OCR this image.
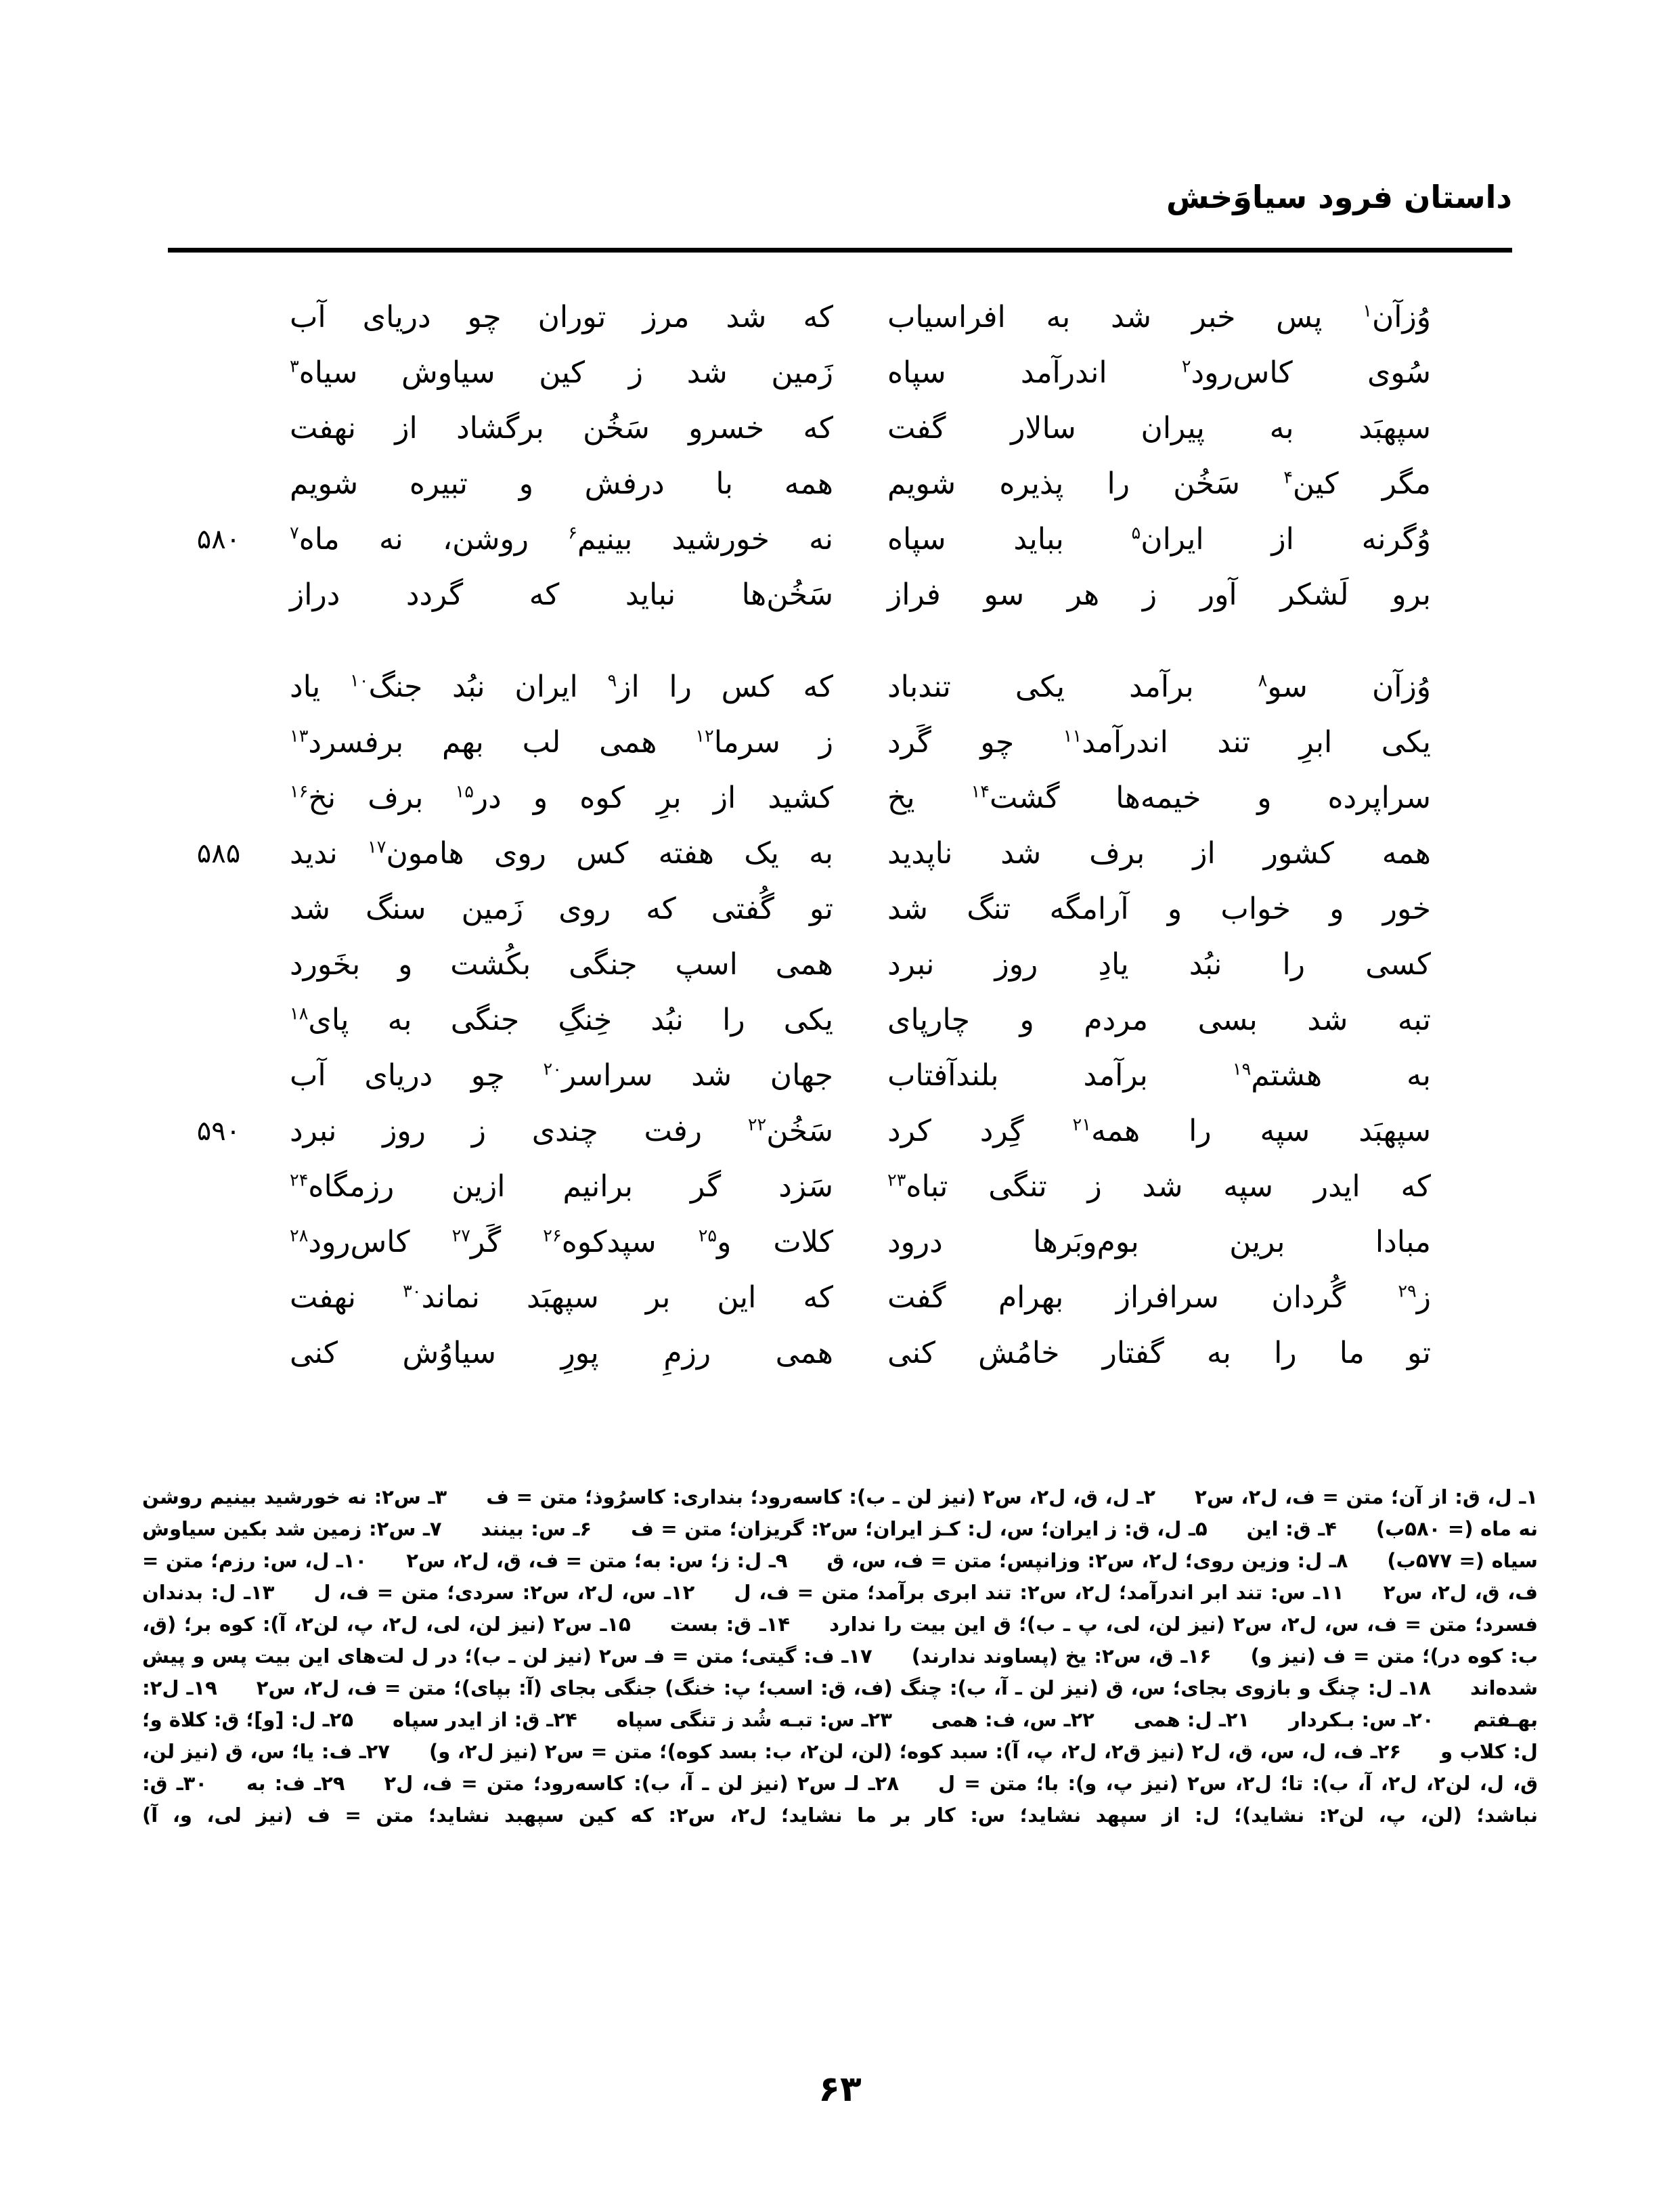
داستان فرود سیاوَخش
وُزآن$^۱$ پس خبر شد به افراسیاب
که شد مرز توران چو دریای آب
سُوی کاس‌رود$^۲$ اندرآمد سپاه
زَمین شد ز کین سیاوش سیاه$^۳$
سپهبَد به پیران سالار گفت
که خسرو سَخُن برگشاد از نهفت
مگر کین$^۴$ سَخُن را پذیره شویم
همه با درفش و تبیره شویم
وُگرنه از ایران$^۵$ بباید سپاه
نه خورشید بینیم$^۶$ روشن، نه ماه$^۷$
۵۸۰
برو لَشکر آور ز هر سو فراز
سَخُن‌ها نباید که گردد دراز
وُزآن سو$^۸$ برآمد یکی تندباد
که کس را از$^۹$ ایران نبُد جنگ$^{۱۰}$ یاد
یکی ابرِ تند اندرآمد$^{۱۱}$ چو گَرد
ز سرما$^{۱۲}$ همی لب بهم برفسرد$^{۱۳}$
سراپرده و خیمه‌ها گشت$^{۱۴}$ یخ
کشید از برِ کوه و در$^{۱۵}$ برف نخ$^{۱۶}$
همه کشور از برف شد ناپدید
به یک هفته کس روی هامون$^{۱۷}$ ندید
۵۸۵
خور و خواب و آرامگه تنگ شد
تو گُفتی که روی زَمین سنگ شد
کسی را نبُد یادِ روز نبرد
همی اسپ جنگی بکُشت و بخَورد
تبه شد بسی مردم و چارپای
یکی را نبُد خِنگِ جنگی به پای$^{۱۸}$
به هشتم$^{۱۹}$ برآمد بلندآفتاب
جهان شد سراسر$^{۲۰}$ چو دریای آب
سپهبَد سپه را همه$^{۲۱}$ گِرد کرد
سَخُن$^{۲۲}$ رفت چندی ز روز نبرد
۵۹۰
که ایدر سپه شد ز تنگی تباه$^{۲۳}$
سَزد گر برانیم ازین رزمگاه$^{۲۴}$
مبادا برین بوم‌وبَرها درود
کلات و$^{۲۵}$ سپدکوه$^{۲۶}$ گَر$^{۲۷}$ کاس‌رود$^{۲۸}$
ز$^{۲۹}$ گُردان سرافراز بهرام گفت
که این بر سپهبَد نماند$^{۳۰}$ نهفت
تو ما را به گفتار خامُش کنی
همی رزمِ پورِ سیاوُش کنی
۱ـ ل، ق: از آن؛ متن = ف، ل٢، س٢۲ـ ل، ق، ل٢، س٢ (نیز لن ـ ب): کاسه‌رود؛ بنداری: کاسرُوذ؛ متن = ف۳ـ س٢: نه خورشید بینیم روشن نه ماه (= ۵۸۰ب)۴ـ ق: این۵ـ ل، ق: ز ایران؛ س، ل: کـز ایران؛ س٢: گریزان؛ متن = ف۶ـ س: بینند۷ـ س٢: زمین شد بکین سیاوش سیاه (= ۵۷۷ب)۸ـ ل: وزین روی؛ ل٢، س٢: وزانپس؛ متن = ف، س، ق۹ـ ل: ز؛ س: به؛ متن = ف، ق، ل٢، س٢۱۰ـ ل، س: رزم؛ متن = ف، ق، ل٢، س٢۱۱ـ س: تند ابر اندرآمد؛ ل٢، س٢: تند ابری برآمد؛ متن = ف، ل۱۲ـ س، ل٢، س٢: سردی؛ متن = ف، ل۱۳ـ ل: بدندان فسرد؛ متن = ف، س، ل٢، س٢ (نیز لن، لی، پ ـ ب)؛ ق این بیت را ندارد۱۴ـ ق: بست۱۵ـ س٢ (نیز لن، لی، ل٢، پ، لن٢، آ): کوه بر؛ (ق، ب: کوه در)؛ متن = ف (نیز و)۱۶ـ ق، س٢: یخ (پساوند ندارند)۱۷ـ ف: گیتی؛ متن = فـ س٢ (نیز لن ـ ب)؛ در ل لت‌های این بیت پس و پیش شده‌اند۱۸ـ ل: چنگ و بازوی بجای؛ س، ق (نیز لن ـ آ، ب): چنگ (ف، ق: اسب؛ پ: خنگ) جنگی بجای (آ: بپای)؛ متن = ف، ل٢، س٢۱۹ـ ل٢: بهـفتم۲۰ـ س: بـکردار۲۱ـ ل: همی۲۲ـ س، ف: همی۲۳ـ س: تبـه شُد ز تنگی سپاه۲۴ـ ق: از ایدر سپاه۲۵ـ ل: [و]؛ ق: کلاة و؛ ل: کلاب و۲۶ـ ف، ل، س، ق، ل٢ (نیز ق٢، ل٢، پ، آ): سبد کوه؛ (لن، لن٢، ب: بسد کوه)؛ متن = س٢ (نیز ل٢، و)۲۷ـ ف: یا؛ س، ق (نیز لن، ق، ل، لن٢، ل٢، آ، ب): تا؛ ل٢، س٢ (نیز پ، و): با؛ متن = ل۲۸ـ لـ س٢ (نیز لن ـ آ، ب): کاسه‌رود؛ متن = ف، ل٢۲۹ـ ف: به۳۰ـ ق: نباشد؛ (لن، پ، لن٢: نشاید)؛ ل: از سپهد نشاید؛ س: کار بر ما نشاید؛ ل٢، س٢: که کین سپهبد نشاید؛ متن = ف (نیز لی، و، آ)
۶۳
